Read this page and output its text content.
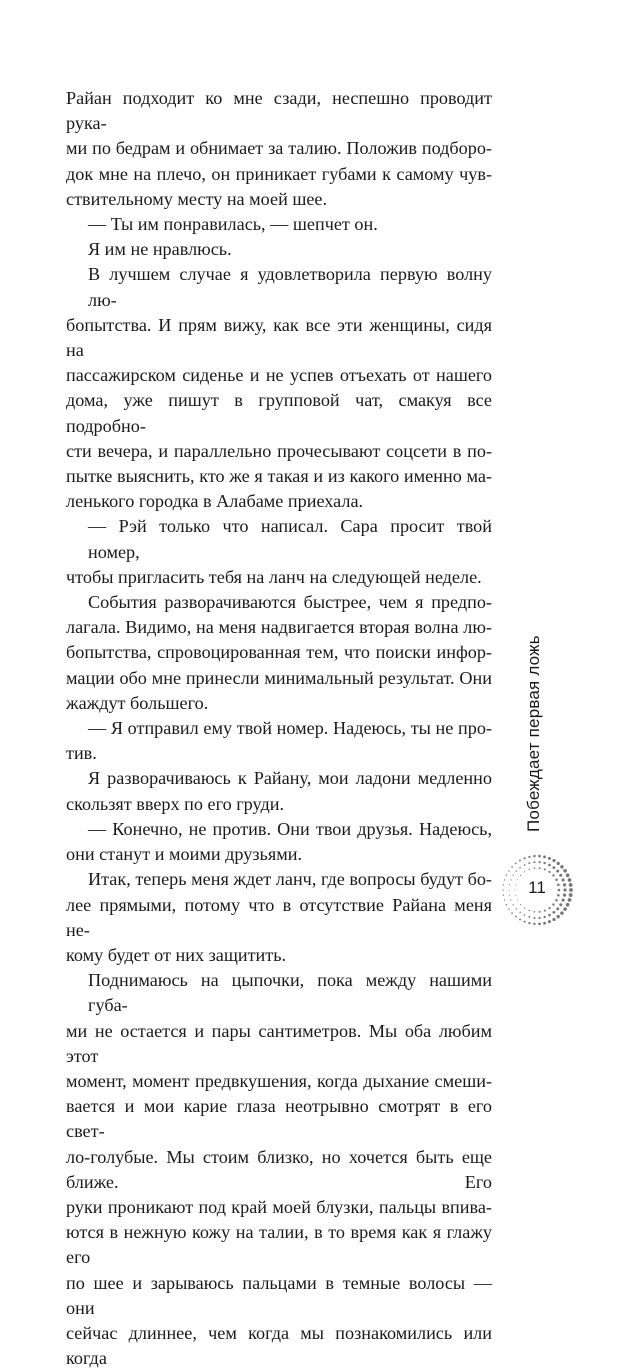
Райан подходит ко мне сзади, неспешно проводит рука-
ми по бедрам и обнимает за талию. Положив подборо-
док мне на плечо, он приникает губами к самому чув-
ствительному месту на моей шее.

— Ты им понравилась, — шепчет он.

Я им не нравлюсь.

В лучшем случае я удовлетворила первую волну лю-
бопытства. И прям вижу, как все эти женщины, сидя на
пассажирском сиденье и не успев отъехать от нашего
дома, уже пишут в групповой чат, смакуя все подробно-
сти вечера, и параллельно прочесывают соцсети в по-
пытке выяснить, кто же я такая и из какого именно ма-
ленького городка в Алабаме приехала.

— Рэй только что написал. Сара просит твой номер,
чтобы пригласить тебя на ланч на следующей неделе.

События разворачиваются быстрее, чем я предпо-
лагала. Видимо, на меня надвигается вторая волна лю-
бопытства, спровоцированная тем, что поиски инфор-
мации обо мне принесли минимальный результат. Они
жаждут большего.

— Я отправил ему твой номер. Надеюсь, ты не про-
тив.

Я разворачиваюсь к Райану, мои ладони медленно
скользят вверх по его груди.

— Конечно, не против. Они твои друзья. Надеюсь,
они станут и моими друзьями.

Итак, теперь меня ждет ланч, где вопросы будут бо-
лее прямыми, потому что в отсутствие Райана меня не-
кому будет от них защитить.

Поднимаюсь на цыпочки, пока между нашими губа-
ми не остается и пары сантиметров. Мы оба любим этот
момент, момент предвкушения, когда дыхание смеши-
вается и мои карие глаза неотрывно смотрят в его свет-
ло-голубые. Мы стоим близко, но хочется быть еще ближе. Его
руки проникают под край моей блузки, пальцы впива-
ются в нежную кожу на талии, в то время как я глажу его
по шее и зарываюсь пальцами в темные волосы — они
сейчас длиннее, чем когда мы познакомились или когда

Побеждает первая ложь
11
